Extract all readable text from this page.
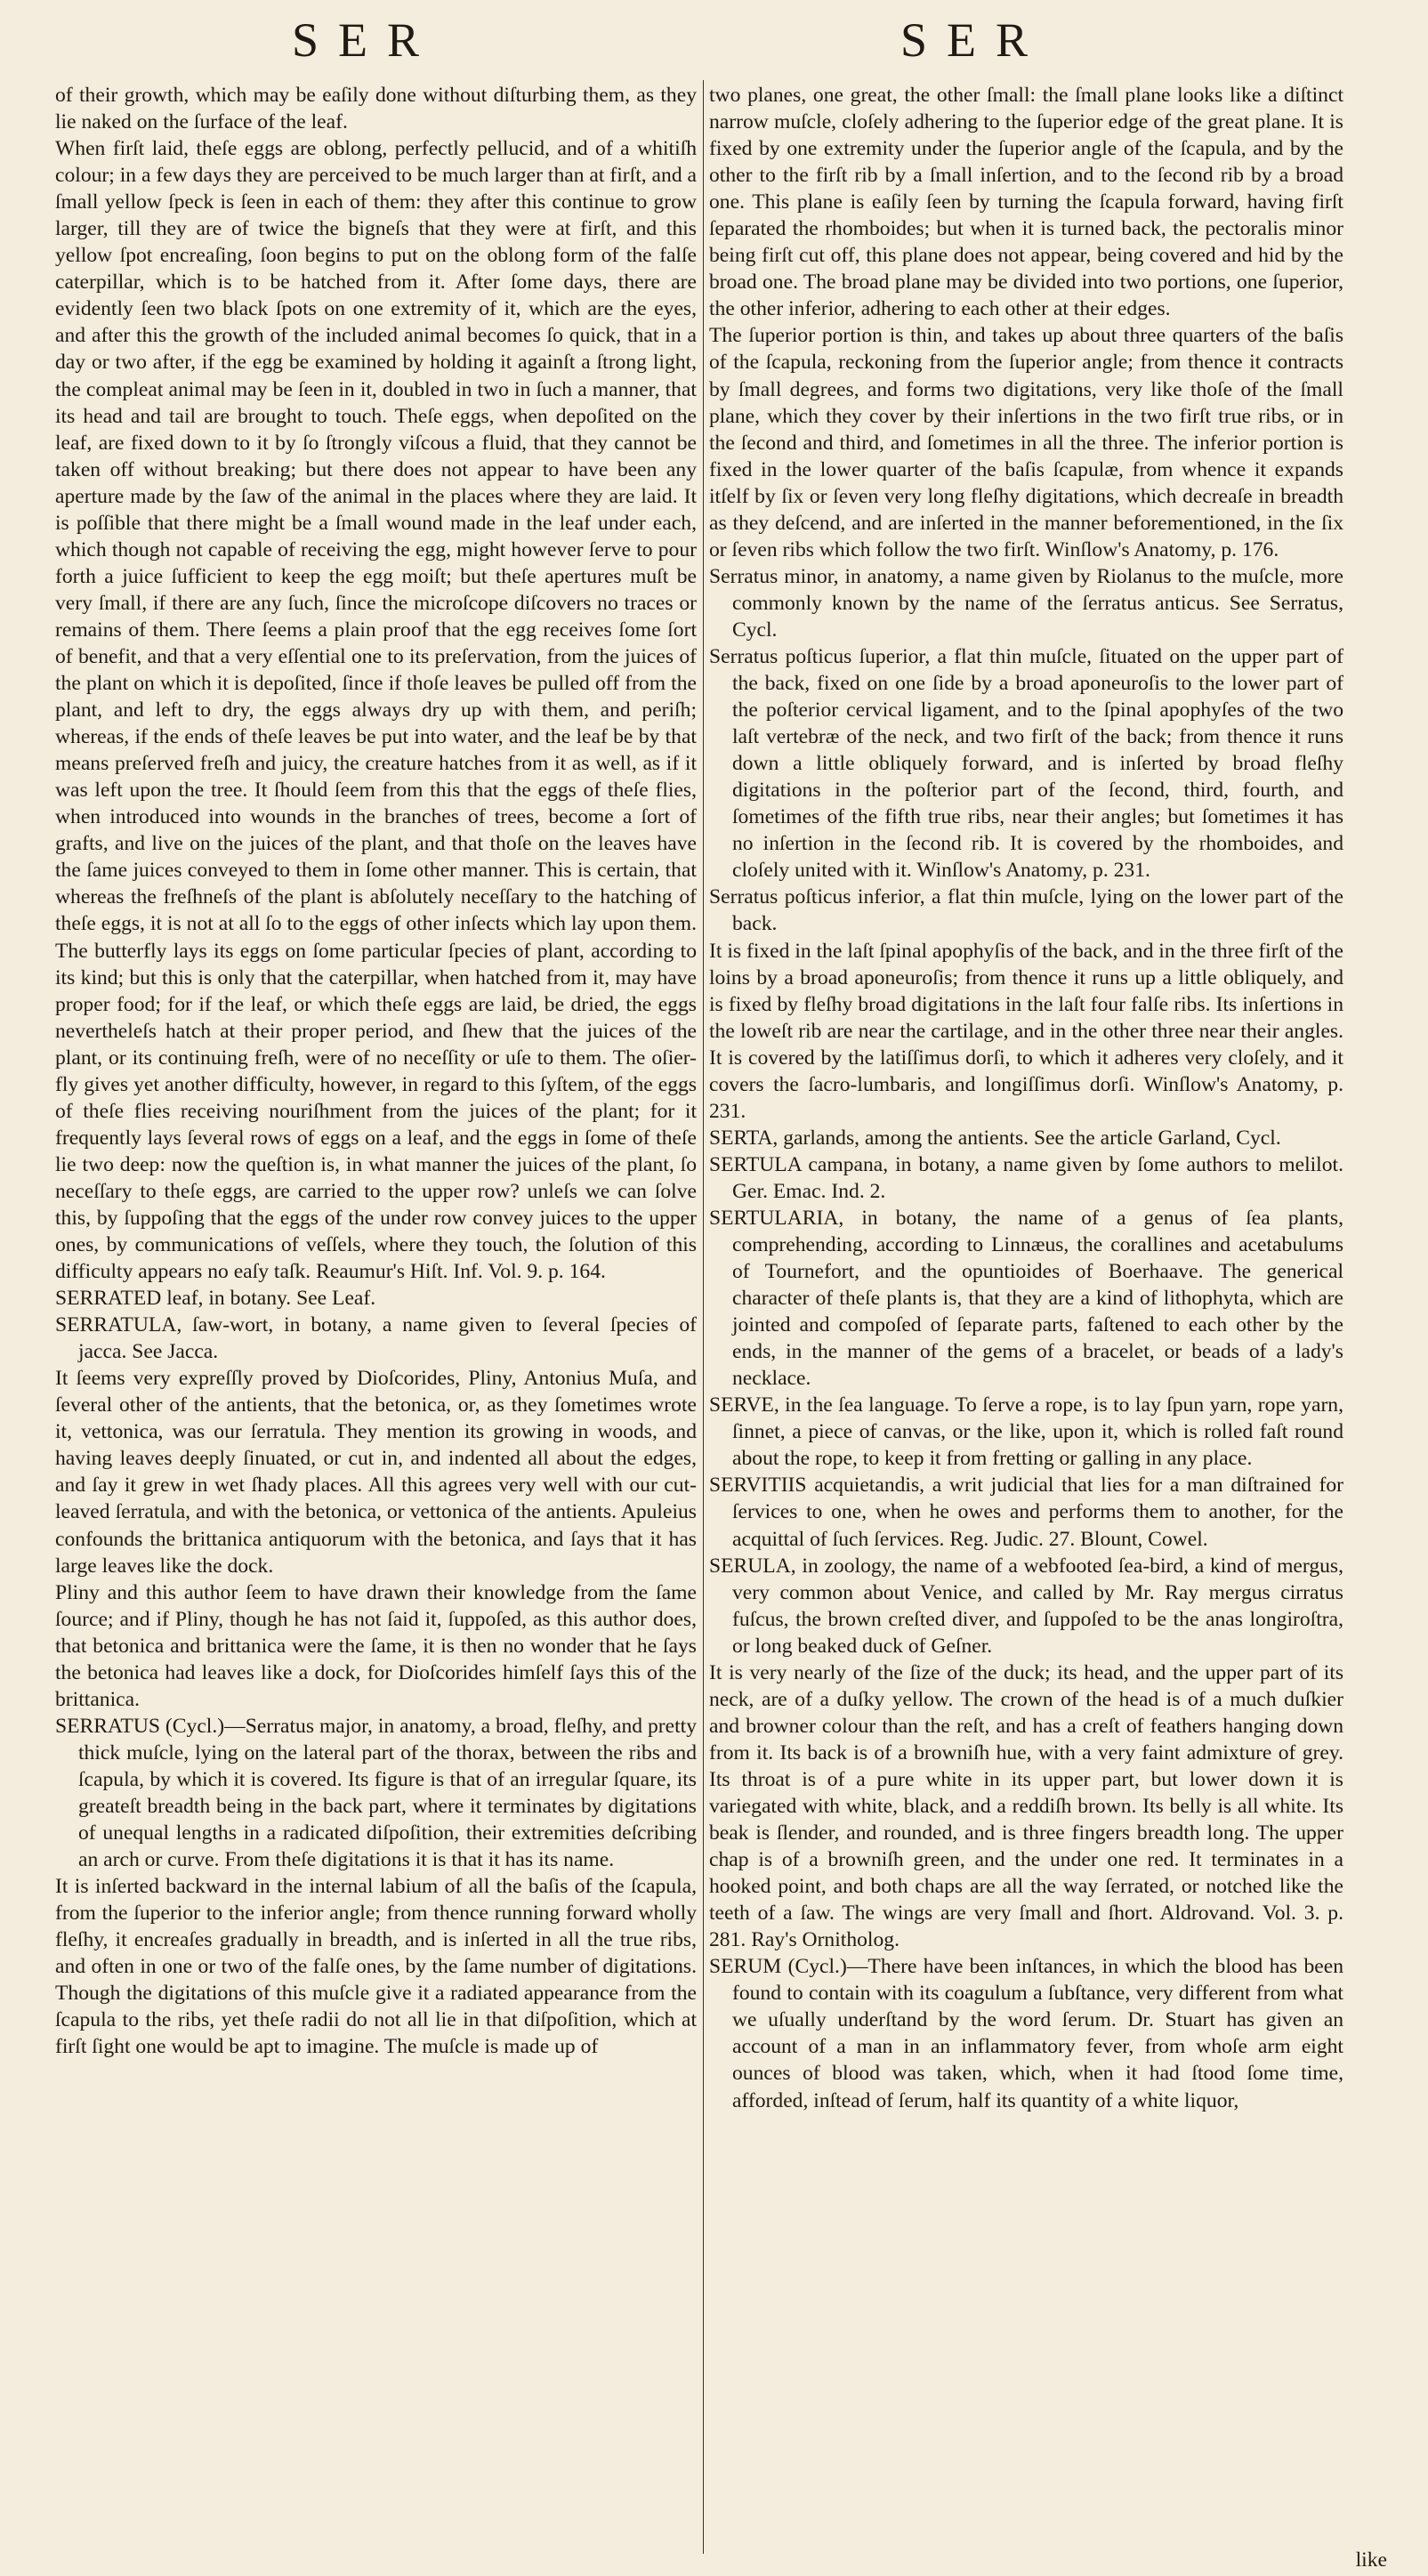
SER	SER

of their growth, which may be eaſily done without diſturbing them, as they lie naked on the ſurface of the leaf.

When firſt laid, theſe eggs are oblong, perfectly pellucid, and of a whitiſh colour; in a few days they are perceived to be much larger than at firſt, and a ſmall yellow ſpeck is ſeen in each of them: they after this continue to grow larger, till they are of twice the bigneſs that they were at firſt, and this yellow ſpot encreaſing, ſoon begins to put on the oblong form of the falſe caterpillar, which is to be hatched from it. After ſome days, there are evidently ſeen two black ſpots on one extremity of it, which are the eyes, and after this the growth of the included animal becomes ſo quick, that in a day or two after, if the egg be examined by holding it againſt a ſtrong light, the compleat animal may be ſeen in it, doubled in two in ſuch a manner, that its head and tail are brought to touch. Theſe eggs, when depoſited on the leaf, are fixed down to it by ſo ſtrongly viſcous a fluid, that they cannot be taken off without breaking; but there does not appear to have been any aperture made by the ſaw of the animal in the places where they are laid. It is poſſible that there might be a ſmall wound made in the leaf under each, which though not capable of receiving the egg, might however ſerve to pour forth a juice ſufficient to keep the egg moiſt; but theſe apertures muſt be very ſmall, if there are any ſuch, ſince the microſcope diſcovers no traces or remains of them. There ſeems a plain proof that the egg receives ſome ſort of benefit, and that a very eſſential one to its preſervation, from the juices of the plant on which it is depoſited, ſince if thoſe leaves be pulled off from the plant, and left to dry, the eggs always dry up with them, and periſh; whereas, if the ends of theſe leaves be put into water, and the leaf be by that means preſerved freſh and juicy, the creature hatches from it as well, as if it was left upon the tree. It ſhould ſeem from this that the eggs of theſe flies, when introduced into wounds in the branches of trees, become a ſort of grafts, and live on the juices of the plant, and that thoſe on the leaves have the ſame juices conveyed to them in ſome other manner. This is certain, that whereas the freſhneſs of the plant is abſolutely neceſſary to the hatching of theſe eggs, it is not at all ſo to the eggs of other inſects which lay upon them. The butterfly lays its eggs on ſome particular ſpecies of plant, according to its kind; but this is only that the caterpillar, when hatched from it, may have proper food; for if the leaf, or which theſe eggs are laid, be dried, the eggs nevertheleſs hatch at their proper period, and ſhew that the juices of the plant, or its continuing freſh, were of no neceſſity or uſe to them. The oſier-fly gives yet another difficulty, however, in regard to this ſyſtem, of the eggs of theſe flies receiving nouriſhment from the juices of the plant; for it frequently lays ſeveral rows of eggs on a leaf, and the eggs in ſome of theſe lie two deep: now the queſtion is, in what manner the juices of the plant, ſo neceſſary to theſe eggs, are carried to the upper row? unleſs we can ſolve this, by ſuppoſing that the eggs of the under row convey juices to the upper ones, by communications of veſſels, where they touch, the ſolution of this difficulty appears no eaſy taſk. Reaumur's Hiſt. Inf. Vol. 9. p. 164.

SERRATED leaf, in botany. See Leaf.

SERRATULA, ſaw-wort, in botany, a name given to ſeveral ſpecies of jacca. See Jacca.

It ſeems very expreſſly proved by Dioſcorides, Pliny, Antonius Muſa, and ſeveral other of the antients, that the betonica, or, as they ſometimes wrote it, vettonica, was our ſerratula. They mention its growing in woods, and having leaves deeply ſinuated, or cut in, and indented all about the edges, and ſay it grew in wet ſhady places. All this agrees very well with our cut-leaved ſerratula, and with the betonica, or vettonica of the antients. Apuleius confounds the brittanica antiquorum with the betonica, and ſays that it has large leaves like the dock.

Pliny and this author ſeem to have drawn their knowledge from the ſame ſource; and if Pliny, though he has not ſaid it, ſuppoſed, as this author does, that betonica and brittanica were the ſame, it is then no wonder that he ſays the betonica had leaves like a dock, for Dioſcorides himſelf ſays this of the brittanica.

SERRATUS (Cycl.)—Serratus major, in anatomy, a broad, fleſhy, and pretty thick muſcle, lying on the lateral part of the thorax, between the ribs and ſcapula, by which it is covered. Its figure is that of an irregular ſquare, its greateſt breadth being in the back part, where it terminates by digitations of unequal lengths in a radicated diſpoſition, their extremities deſcribing an arch or curve. From theſe digitations it is that it has its name.

It is inſerted backward in the internal labium of all the baſis of the ſcapula, from the ſuperior to the inferior angle; from thence running forward wholly fleſhy, it encreaſes gradually in breadth, and is inſerted in all the true ribs, and often in one or two of the falſe ones, by the ſame number of digitations. Though the digitations of this muſcle give it a radiated appearance from the ſcapula to the ribs, yet theſe radii do not all lie in that diſpoſition, which at firſt ſight one would be apt to imagine. The muſcle is made up of

two planes, one great, the other ſmall: the ſmall plane looks like a diſtinct narrow muſcle, cloſely adhering to the ſuperior edge of the great plane. It is fixed by one extremity under the ſuperior angle of the ſcapula, and by the other to the firſt rib by a ſmall inſertion, and to the ſecond rib by a broad one. This plane is eaſily ſeen by turning the ſcapula forward, having firſt ſeparated the rhomboides; but when it is turned back, the pectoralis minor being firſt cut off, this plane does not appear, being covered and hid by the broad one. The broad plane may be divided into two portions, one ſuperior, the other inferior, adhering to each other at their edges.

The ſuperior portion is thin, and takes up about three quarters of the baſis of the ſcapula, reckoning from the ſuperior angle; from thence it contracts by ſmall degrees, and forms two digitations, very like thoſe of the ſmall plane, which they cover by their inſertions in the two firſt true ribs, or in the ſecond and third, and ſometimes in all the three. The inferior portion is fixed in the lower quarter of the baſis ſcapulæ, from whence it expands itſelf by ſix or ſeven very long fleſhy digitations, which decreaſe in breadth as they deſcend, and are inſerted in the manner beforementioned, in the ſix or ſeven ribs which follow the two firſt. Winſlow's Anatomy, p. 176.

Serratus minor, in anatomy, a name given by Riolanus to the muſcle, more commonly known by the name of the ſerratus anticus. See Serratus, Cycl.

Serratus poſticus ſuperior, a flat thin muſcle, ſituated on the upper part of the back, fixed on one ſide by a broad aponeuroſis to the lower part of the poſterior cervical ligament, and to the ſpinal apophyſes of the two laſt vertebræ of the neck, and two firſt of the back; from thence it runs down a little obliquely forward, and is inſerted by broad fleſhy digitations in the poſterior part of the ſecond, third, fourth, and ſometimes of the fifth true ribs, near their angles; but ſometimes it has no inſertion in the ſecond rib. It is covered by the rhomboides, and cloſely united with it. Winſlow's Anatomy, p. 231.

Serratus poſticus inferior, a flat thin muſcle, lying on the lower part of the back.

It is fixed in the laſt ſpinal apophyſis of the back, and in the three firſt of the loins by a broad aponeuroſis; from thence it runs up a little obliquely, and is fixed by fleſhy broad digitations in the laſt four falſe ribs. Its inſertions in the loweſt rib are near the cartilage, and in the other three near their angles. It is covered by the latiſſimus dorſi, to which it adheres very cloſely, and it covers the ſacro-lumbaris, and longiſſimus dorſi. Winſlow's Anatomy, p. 231.

SERTA, garlands, among the antients. See the article Garland, Cycl.

SERTULA campana, in botany, a name given by ſome authors to melilot. Ger. Emac. Ind. 2.

SERTULARIA, in botany, the name of a genus of ſea plants, comprehending, according to Linnæus, the corallines and acetabulums of Tournefort, and the opuntioides of Boerhaave. The generical character of theſe plants is, that they are a kind of lithophyta, which are jointed and compoſed of ſeparate parts, faſtened to each other by the ends, in the manner of the gems of a bracelet, or beads of a lady's necklace.

SERVE, in the ſea language. To ſerve a rope, is to lay ſpun yarn, rope yarn, ſinnet, a piece of canvas, or the like, upon it, which is rolled faſt round about the rope, to keep it from fretting or galling in any place.

SERVITIIS acquietandis, a writ judicial that lies for a man diſtrained for ſervices to one, when he owes and performs them to another, for the acquittal of ſuch ſervices. Reg. Judic. 27. Blount, Cowel.

SERULA, in zoology, the name of a webfooted ſea-bird, a kind of mergus, very common about Venice, and called by Mr. Ray mergus cirratus fuſcus, the brown creſted diver, and ſuppoſed to be the anas longiroſtra, or long beaked duck of Geſner.

It is very nearly of the ſize of the duck; its head, and the upper part of its neck, are of a duſky yellow. The crown of the head is of a much duſkier and browner colour than the reſt, and has a creſt of feathers hanging down from it. Its back is of a browniſh hue, with a very faint admixture of grey. Its throat is of a pure white in its upper part, but lower down it is variegated with white, black, and a reddiſh brown. Its belly is all white. Its beak is ſlender, and rounded, and is three fingers breadth long. The upper chap is of a browniſh green, and the under one red. It terminates in a hooked point, and both chaps are all the way ſerrated, or notched like the teeth of a ſaw. The wings are very ſmall and ſhort. Aldrovand. Vol. 3. p. 281. Ray's Ornitholog.

SERUM (Cycl.)—There have been inſtances, in which the blood has been found to contain with its coagulum a ſubſtance, very different from what we uſually underſtand by the word ſerum. Dr. Stuart has given an account of a man in an inflammatory fever, from whoſe arm eight ounces of blood was taken, which, when it had ſtood ſome time, afforded, inſtead of ſerum, half its quantity of a white liquor,

like
